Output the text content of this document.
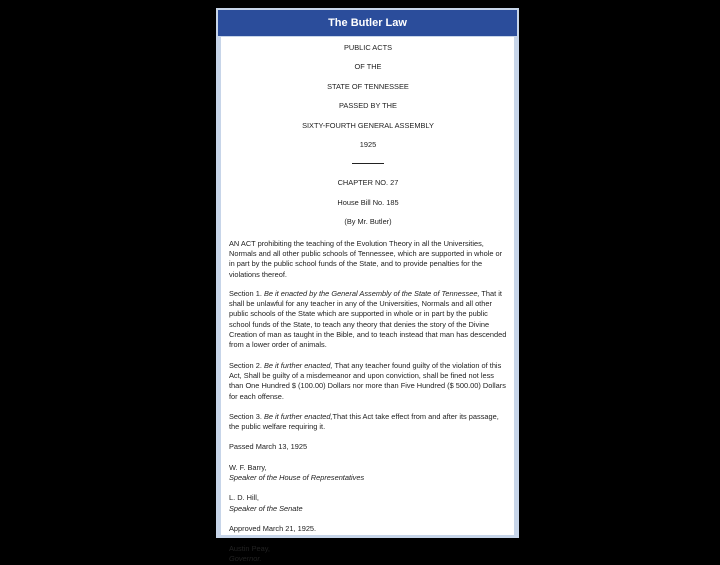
The Butler Law

PUBLIC ACTS

OF THE

STATE OF TENNESSEE

PASSED BY THE

SIXTY-FOURTH GENERAL ASSEMBLY

1925

CHAPTER NO. 27

House Bill No. 185

(By Mr. Butler)

AN ACT prohibiting the teaching of the Evolution Theory in all the Universities, Normals and all other public schools of Tennessee, which are supported in whole or in part by the public school funds of the State, and to provide penalties for the violations thereof.

Section 1. Be it enacted by the General Assembly of the State of Tennessee, That it shall be unlawful for any teacher in any of the Universities, Normals and all other public schools of the State which are supported in whole or in part by the public school funds of the State, to teach any theory that denies the story of the Divine Creation of man as taught in the Bible, and to teach instead that man has descended from a lower order of animals.

Section 2. Be it further enacted, That any teacher found guilty of the violation of this Act, Shall be guilty of a misdemeanor and upon conviction, shall be fined not less than One Hundred $ (100.00) Dollars nor more than Five Hundred ($ 500.00) Dollars for each offense.

Section 3. Be it further enacted,That this Act take effect from and after its passage, the public welfare requiring it.

Passed March 13, 1925

W. F. Barry,

Speaker of the House of Representatives

L. D. Hill,

Speaker of the Senate

Approved March 21, 1925.

Austin Peay,

Governor.
